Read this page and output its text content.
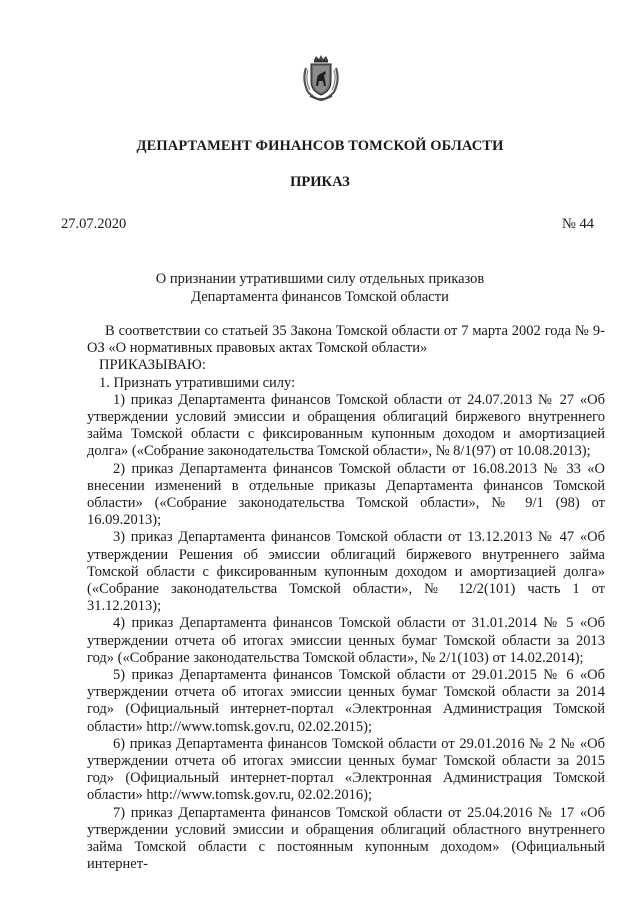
ДЕПАРТАМЕНТ ФИНАНСОВ ТОМСКОЙ ОБЛАСТИ
ПРИКАЗ
27.07.2020	№ 44
О признании утратившими силу отдельных приказов
Департамента финансов Томской области

В соответствии со статьей 35 Закона Томской области от 7 марта 2002 года № 9-ОЗ «О нормативных правовых актах Томской области»

ПРИКАЗЫВАЮ:

1. Признать утратившими силу:

1) приказ Департамента финансов Томской области от 24.07.2013 № 27 «Об утверждении условий эмиссии и обращения облигаций биржевого внутреннего займа Томской области с фиксированным купонным доходом и амортизацией долга» («Собрание законодательства Томской области», № 8/1(97) от 10.08.2013);

2) приказ Департамента финансов Томской области от 16.08.2013 № 33 «О внесении изменений в отдельные приказы Департамента финансов Томской области» («Собрание законодательства Томской области», № 9/1 (98) от 16.09.2013);

3) приказ Департамента финансов Томской области от 13.12.2013 № 47 «Об утверждении Решения об эмиссии облигаций биржевого внутреннего займа Томской области с фиксированным купонным доходом и амортизацией долга» («Собрание законодательства Томской области», № 12/2(101) часть 1 от 31.12.2013);

4) приказ Департамента финансов Томской области от 31.01.2014 № 5 «Об утверждении отчета об итогах эмиссии ценных бумаг Томской области за 2013 год» («Собрание законодательства Томской области», № 2/1(103) от 14.02.2014);

5) приказ Департамента финансов Томской области от 29.01.2015 № 6 «Об утверждении отчета об итогах эмиссии ценных бумаг Томской области за 2014 год» (Официальный интернет-портал «Электронная Администрация Томской области» http://www.tomsk.gov.ru, 02.02.2015);

6) приказ Департамента финансов Томской области от 29.01.2016 № 2 № «Об утверждении отчета об итогах эмиссии ценных бумаг Томской области за 2015 год» (Официальный интернет-портал «Электронная Администрация Томской области» http://www.tomsk.gov.ru, 02.02.2016);

7) приказ Департамента финансов Томской области от 25.04.2016 № 17 «Об утверждении условий эмиссии и обращения облигаций областного внутреннего займа Томской области с постоянным купонным доходом» (Официальный интернет-
